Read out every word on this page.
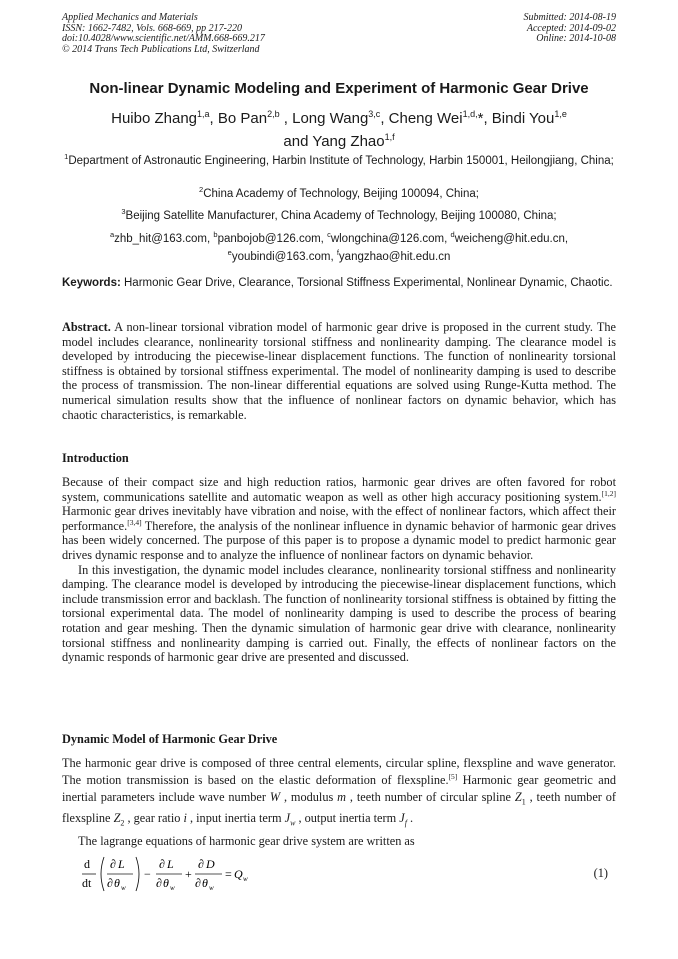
Applied Mechanics and Materials
ISSN: 1662-7482, Vols. 668-669, pp 217-220
doi:10.4028/www.scientific.net/AMM.668-669.217
© 2014 Trans Tech Publications Ltd, Switzerland
Submitted: 2014-08-19
Accepted: 2014-09-02
Online: 2014-10-08
Non-linear Dynamic Modeling and Experiment of Harmonic Gear Drive
Huibo Zhang$^{1,a}$, Bo Pan$^{2,b}$ , Long Wang$^{3,c}$, Cheng Wei$^{1,d,}$*, Bindi You$^{1,e}$
and Yang Zhao$^{1,f}$
$^1$Department of Astronautic Engineering, Harbin Institute of Technology, Harbin 150001, Heilongjiang, China;
$^2$China Academy of Technology, Beijing 100094, China;
$^3$Beijing Satellite Manufacturer, China Academy of Technology, Beijing 100080, China;
$^a$zhb_hit@163.com, $^b$panbojob@126.com, $^c$wlongchina@126.com, $^d$weicheng@hit.edu.cn,
$^e$youbindi@163.com, $^f$yangzhao@hit.edu.cn
Keywords: Harmonic Gear Drive, Clearance, Torsional Stiffness Experimental, Nonlinear Dynamic, Chaotic.

Abstract. A non-linear torsional vibration model of harmonic gear drive is proposed in the current study. The model includes clearance, nonlinearity torsional stiffness and nonlinearity damping. The clearance model is developed by introducing the piecewise-linear displacement functions. The function of nonlinearity torsional stiffness is obtained by torsional stiffness experimental. The model of nonlinearity damping is used to describe the process of transmission. The non-linear differential equations are solved using Runge-Kutta method. The numerical simulation results show that the influence of nonlinear factors on dynamic behavior, which has chaotic characteristics, is remarkable.

Introduction

Because of their compact size and high reduction ratios, harmonic gear drives are often favored for robot system, communications satellite and automatic weapon as well as other high accuracy positioning system.[1,2] Harmonic gear drives inevitably have vibration and noise, with the effect of nonlinear factors, which affect their performance.[3,4] Therefore, the analysis of the nonlinear influence in dynamic behavior of harmonic gear drives has been widely concerned. The purpose of this paper is to propose a dynamic model to predict harmonic gear drives dynamic response and to analyze the influence of nonlinear factors on dynamic behavior.

In this investigation, the dynamic model includes clearance, nonlinearity torsional stiffness and nonlinearity damping. The clearance model is developed by introducing the piecewise-linear displacement functions, which include transmission error and backlash. The function of nonlinearity torsional stiffness is obtained by fitting the torsional experimental data. The model of nonlinearity damping is used to describe the process of bearing rotation and gear meshing. Then the dynamic simulation of harmonic gear drive with clearance, nonlinearity torsional stiffness and nonlinearity damping is carried out. Finally, the effects of nonlinear factors on the dynamic responds of harmonic gear drive are presented and discussed.

Dynamic Model of Harmonic Gear Drive

The harmonic gear drive is composed of three central elements, circular spline, flexspline and wave generator. The motion transmission is based on the elastic deformation of flexspline.[5] Harmonic gear geometric and inertial parameters include wave number W , modulus m , teeth number of circular spline $Z_1$ , teeth number of flexspline $Z_2$ , gear ratio i , input inertia term $J_w$ , output inertia term $J_f$ .

The lagrange equations of harmonic gear drive system are written as

d
dt
∂ L
∂ θ w
−
∂ L
∂ θ w
+
∂ D
∂ θ w
= Q w	(1)
